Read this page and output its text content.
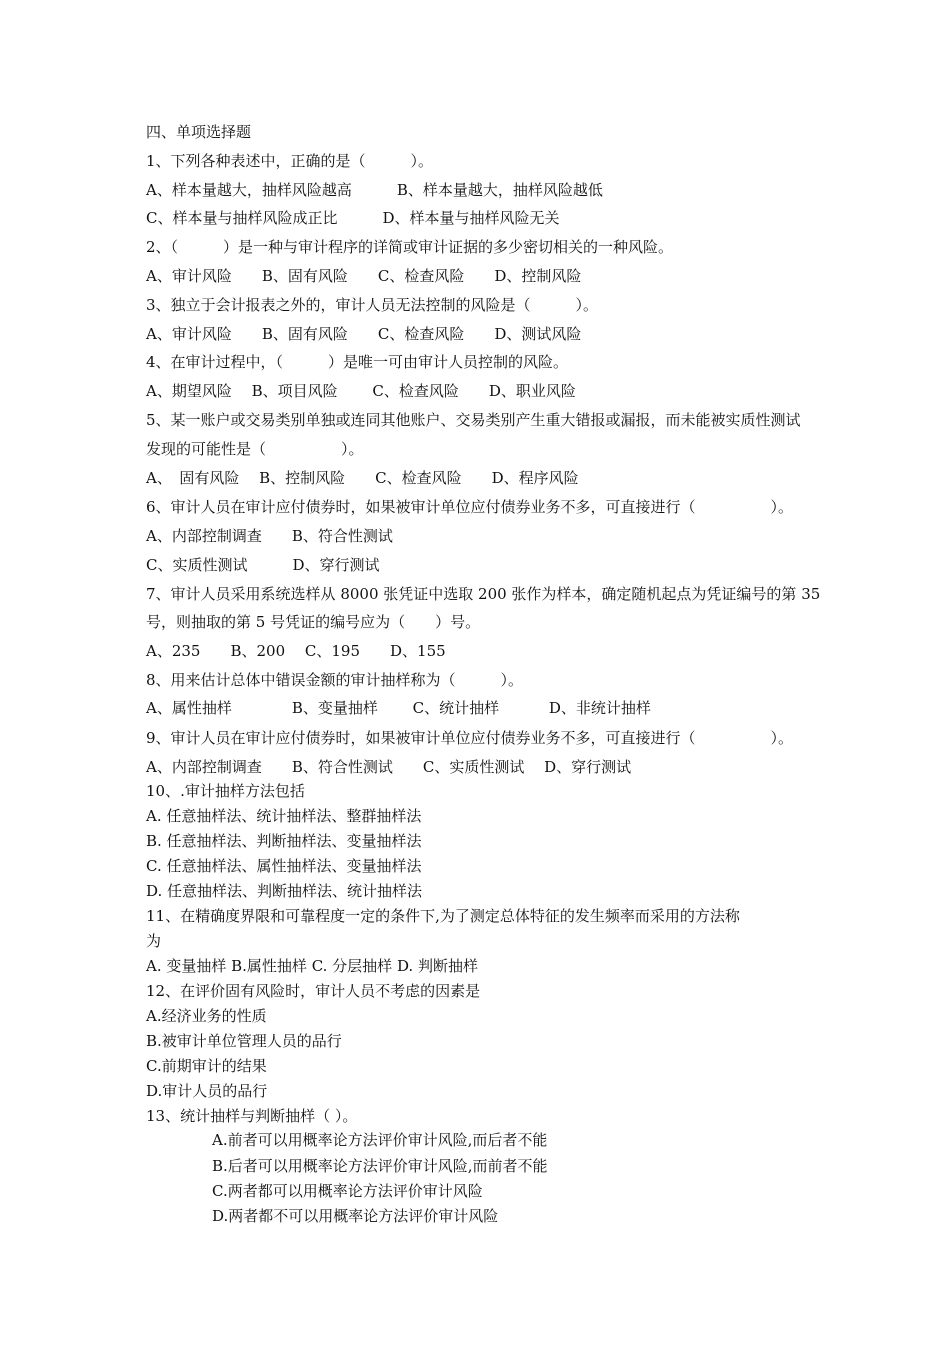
四、单项选择题
1、下列各种表述中，正确的是（　　　）。
A、样本量越大，抽样风险越高　　　B、样本量越大，抽样风险越低
C、样本量与抽样风险成正比　　　D、样本量与抽样风险无关
2、（　　　）是一种与审计程序的详简或审计证据的多少密切相关的一种风险。
A、审计风险　　B、固有风险　　C、检查风险　　D、控制风险
3、独立于会计报表之外的，审计人员无法控制的风险是（　　　）。
A、审计风险　　B、固有风险　　C、检查风险　　D、测试风险
4、在审计过程中，（　　　）是唯一可由审计人员控制的风险。
A、期望风险　 B、项目风险　　 C、检查风险　　D、职业风险
5、某一账户或交易类别单独或连同其他账户、交易类别产生重大错报或漏报，而未能被实质性测试
发现的可能性是（　　　　　）。
A、　固有风险　 B、控制风险　　C、检查风险　　D、程序风险
6、审计人员在审计应付债券时，如果被审计单位应付债券业务不多，可直接进行（　　　　　）。
A、内部控制调查　　B、符合性测试
C、实质性测试　　　D、穿行测试
7、审计人员采用系统选样从 8000 张凭证中选取 200 张作为样本，确定随机起点为凭证编号的第 35
号，则抽取的第 5 号凭证的编号应为（　　）号。
A、235　　B、200　 C、195　　D、155
8、用来估计总体中错误金额的审计抽样称为（　　　）。
A、属性抽样　　　　B、变量抽样　　 C、统计抽样　　　 D、非统计抽样
9、审计人员在审计应付债券时，如果被审计单位应付债券业务不多，可直接进行（　　　　　）。
A、内部控制调查　　B、符合性测试　　C、实质性测试　 D、穿行测试
10、.审计抽样方法包括
A. 任意抽样法、统计抽样法、整群抽样法
B. 任意抽样法、判断抽样法、变量抽样法
C. 任意抽样法、属性抽样法、变量抽样法
D. 任意抽样法、判断抽样法、统计抽样法
11、在精确度界限和可靠程度一定的条件下,为了测定总体特征的发生频率而采用的方法称
为
A. 变量抽样 B.属性抽样 C. 分层抽样 D. 判断抽样
12、在评价固有风险时，审计人员不考虑的因素是
A.经济业务的性质
B.被审计单位管理人员的品行
C.前期审计的结果
D.审计人员的品行
13、统计抽样与判断抽样（ ）。
A.前者可以用概率论方法评价审计风险,而后者不能
B.后者可以用概率论方法评价审计风险,而前者不能
C.两者都可以用概率论方法评价审计风险
D.两者都不可以用概率论方法评价审计风险
